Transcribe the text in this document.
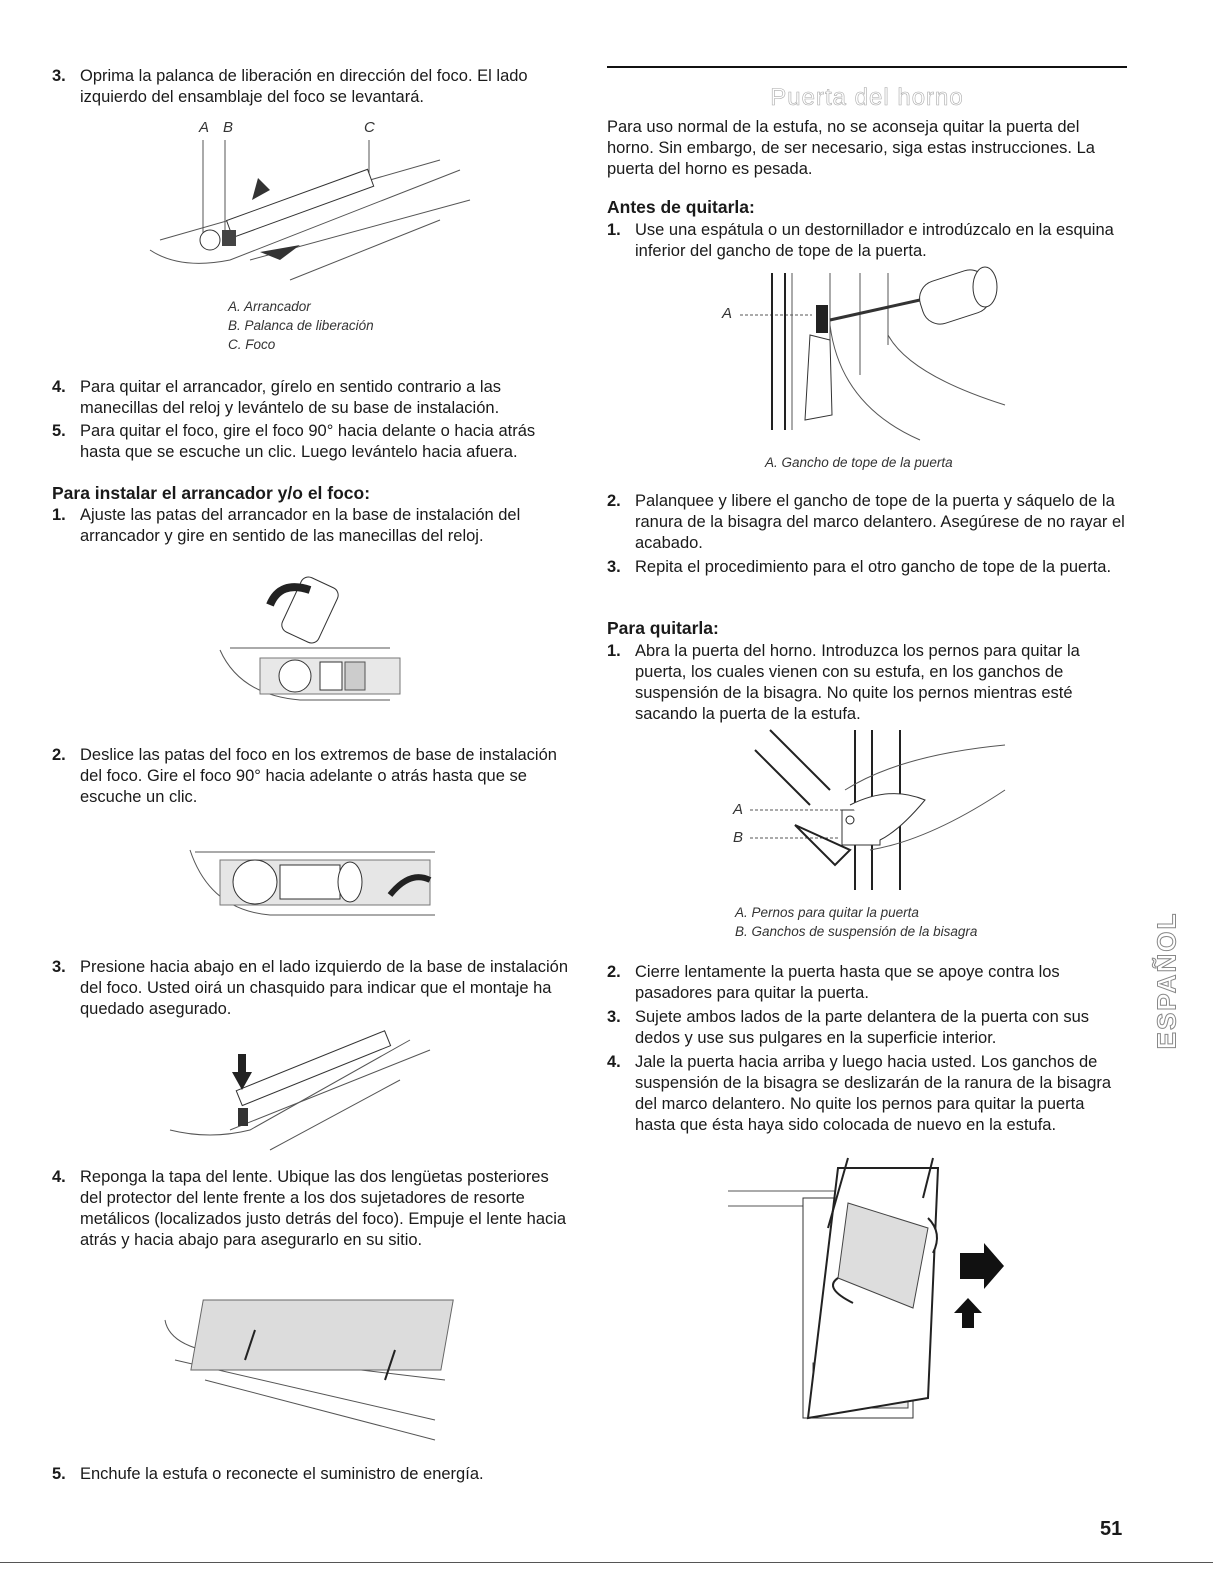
3. Oprima la palanca de liberación en dirección del foco. El lado izquierdo del ensamblaje del foco se levantará.
A B	C
A. Arrancador
B. Palanca de liberación
C. Foco
4. Para quitar el arrancador, gírelo en sentido contrario a las manecillas del reloj y levántelo de su base de instalación.
5. Para quitar el foco, gire el foco 90° hacia delante o hacia atrás hasta que se escuche un clic. Luego levántelo hacia afuera.
Para instalar el arrancador y/o el foco:
1. Ajuste las patas del arrancador en la base de instalación del arrancador y gire en sentido de las manecillas del reloj.
2. Deslice las patas del foco en los extremos de base de instalación del foco. Gire el foco 90° hacia adelante o atrás hasta que se escuche un clic.
3. Presione hacia abajo en el lado izquierdo de la base de instalación del foco. Usted oirá un chasquido para indicar que el montaje ha quedado asegurado.
4. Reponga la tapa del lente. Ubique las dos lengüetas posteriores del protector del lente frente a los dos sujetadores de resorte metálicos (localizados justo detrás del foco). Empuje el lente hacia atrás y hacia abajo para asegurarlo en su sitio.
5. Enchufe la estufa o reconecte el suministro de energía.
Puerta del horno
Para uso normal de la estufa, no se aconseja quitar la puerta del horno. Sin embargo, de ser necesario, siga estas instrucciones. La puerta del horno es pesada.
Antes de quitarla:
1. Use una espátula o un destornillador e introdúzcalo en la esquina inferior del gancho de tope de la puerta.
A
A. Gancho de tope de la puerta
2. Palanquee y libere el gancho de tope de la puerta y sáquelo de la ranura de la bisagra del marco delantero. Asegúrese de no rayar el acabado.
3. Repita el procedimiento para el otro gancho de tope de la puerta.
Para quitarla:
1. Abra la puerta del horno. Introduzca los pernos para quitar la puerta, los cuales vienen con su estufa, en los ganchos de suspensión de la bisagra. No quite los pernos mientras esté sacando la puerta de la estufa.
A
B
A. Pernos para quitar la puerta
B. Ganchos de suspensión de la bisagra
2. Cierre lentamente la puerta hasta que se apoye contra los pasadores para quitar la puerta.
3. Sujete ambos lados de la parte delantera de la puerta con sus dedos y use sus pulgares en la superficie interior.
4. Jale la puerta hacia arriba y luego hacia usted. Los ganchos de suspensión de la bisagra se deslizarán de la ranura de la bisagra del marco delantero. No quite los pernos para quitar la puerta hasta que ésta haya sido colocada de nuevo en la estufa.
ESPAÑOL
51
